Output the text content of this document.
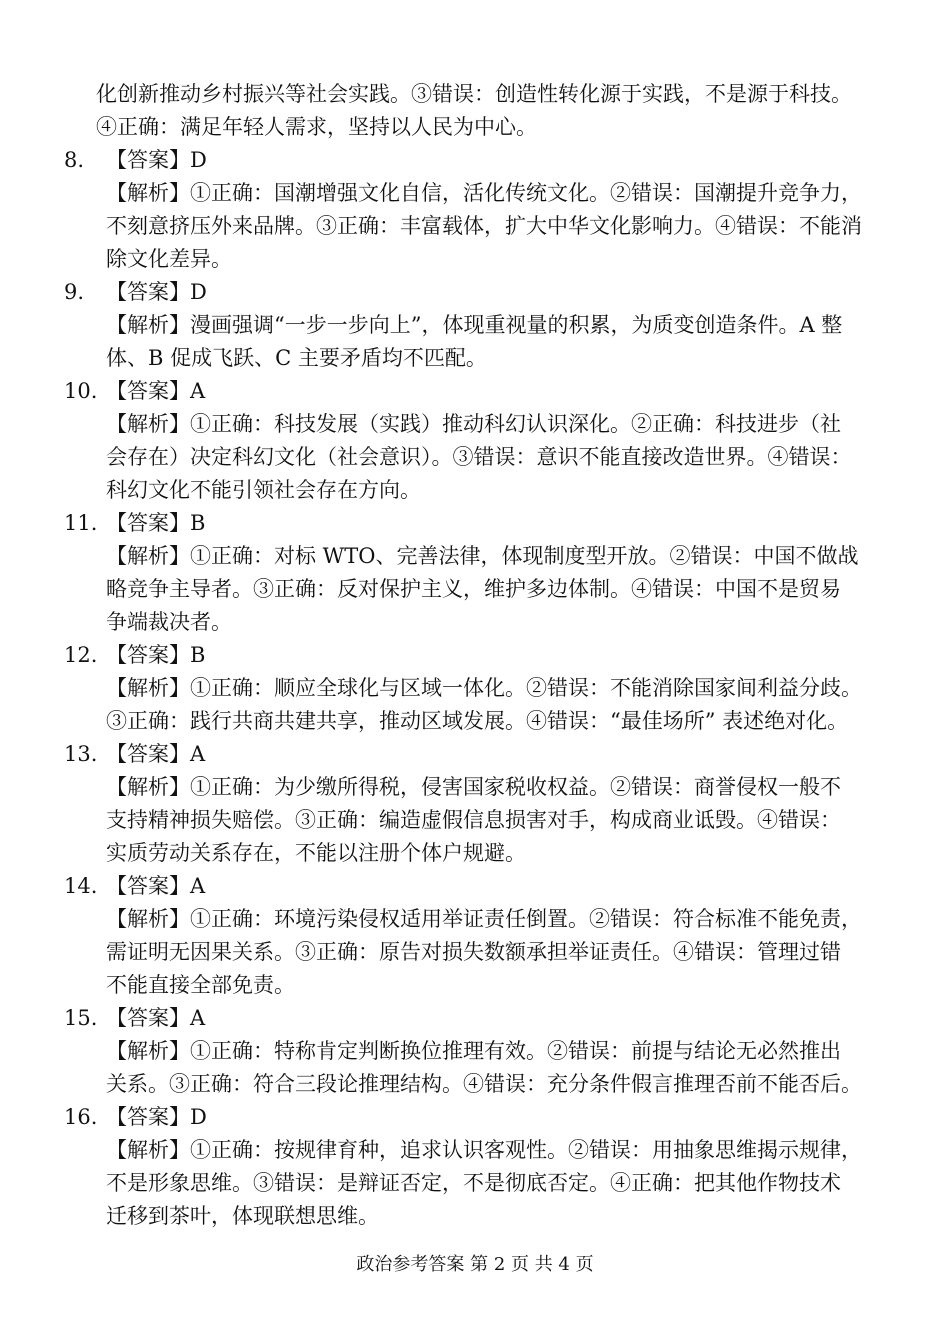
化创新推动乡村振兴等社会实践。③错误：创造性转化源于实践，不是源于科技。
④正确：满足年轻人需求，坚持以人民为中心。
8. 【答案】D
【解析】①正确：国潮增强文化自信，活化传统文化。②错误：国潮提升竞争力，
不刻意挤压外来品牌。③正确：丰富载体，扩大中华文化影响力。④错误：不能消
除文化差异。
9. 【答案】D
【解析】漫画强调“一步一步向上”，体现重视量的积累，为质变创造条件。A 整
体、B 促成飞跃、C 主要矛盾均不匹配。
10. 【答案】A
【解析】①正确：科技发展（实践）推动科幻认识深化。②正确：科技进步（社
会存在）决定科幻文化（社会意识）。③错误：意识不能直接改造世界。④错误：
科幻文化不能引领社会存在方向。
11. 【答案】B
【解析】①正确：对标 WTO、完善法律，体现制度型开放。②错误：中国不做战
略竞争主导者。③正确：反对保护主义，维护多边体制。④错误：中国不是贸易
争端裁决者。
12. 【答案】B
【解析】①正确：顺应全球化与区域一体化。②错误：不能消除国家间利益分歧。
③正确：践行共商共建共享，推动区域发展。④错误：“最佳场所” 表述绝对化。
13. 【答案】A
【解析】①正确：为少缴所得税，侵害国家税收权益。②错误：商誉侵权一般不
支持精神损失赔偿。③正确：编造虚假信息损害对手，构成商业诋毁。④错误：
实质劳动关系存在，不能以注册个体户规避。
14. 【答案】A
【解析】①正确：环境污染侵权适用举证责任倒置。②错误：符合标准不能免责，
需证明无因果关系。③正确：原告对损失数额承担举证责任。④错误：管理过错
不能直接全部免责。
15. 【答案】A
【解析】①正确：特称肯定判断换位推理有效。②错误：前提与结论无必然推出
关系。③正确：符合三段论推理结构。④错误：充分条件假言推理否前不能否后。
16. 【答案】D
【解析】①正确：按规律育种，追求认识客观性。②错误：用抽象思维揭示规律，
不是形象思维。③错误：是辩证否定，不是彻底否定。④正确：把其他作物技术
迁移到茶叶，体现联想思维。
政治参考答案 第 2 页 共 4 页
